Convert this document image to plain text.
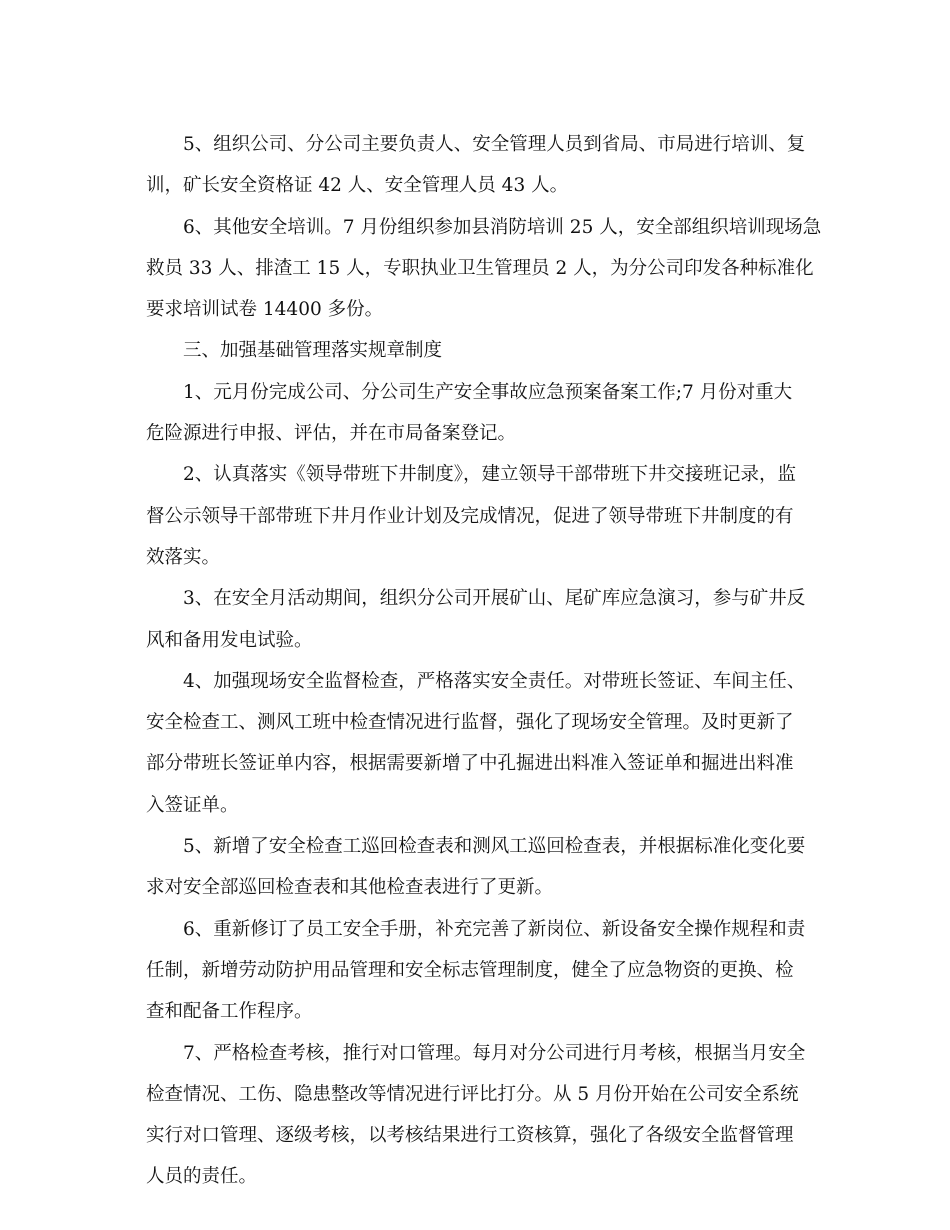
5、组织公司、分公司主要负责人、安全管理人员到省局、市局进行培训、复
训，矿长安全资格证 42 人、安全管理人员 43 人。
6、其他安全培训。7 月份组织参加县消防培训 25 人，安全部组织培训现场急
救员 33 人、排渣工 15 人，专职执业卫生管理员 2 人，为分公司印发各种标准化
要求培训试卷 14400 多份。
三、加强基础管理落实规章制度
1、元月份完成公司、分公司生产安全事故应急预案备案工作;7 月份对重大
危险源进行申报、评估，并在市局备案登记。
2、认真落实《领导带班下井制度》，建立领导干部带班下井交接班记录，监
督公示领导干部带班下井月作业计划及完成情况，促进了领导带班下井制度的有
效落实。
3、在安全月活动期间，组织分公司开展矿山、尾矿库应急演习，参与矿井反
风和备用发电试验。
4、加强现场安全监督检查，严格落实安全责任。对带班长签证、车间主任、
安全检查工、测风工班中检查情况进行监督，强化了现场安全管理。及时更新了
部分带班长签证单内容，根据需要新增了中孔掘进出料准入签证单和掘进出料准
入签证单。
5、新增了安全检查工巡回检查表和测风工巡回检查表，并根据标准化变化要
求对安全部巡回检查表和其他检查表进行了更新。
6、重新修订了员工安全手册，补充完善了新岗位、新设备安全操作规程和责
任制，新增劳动防护用品管理和安全标志管理制度，健全了应急物资的更换、检
查和配备工作程序。
7、严格检查考核，推行对口管理。每月对分公司进行月考核，根据当月安全
检查情况、工伤、隐患整改等情况进行评比打分。从 5 月份开始在公司安全系统
实行对口管理、逐级考核，以考核结果进行工资核算，强化了各级安全监督管理
人员的责任。
